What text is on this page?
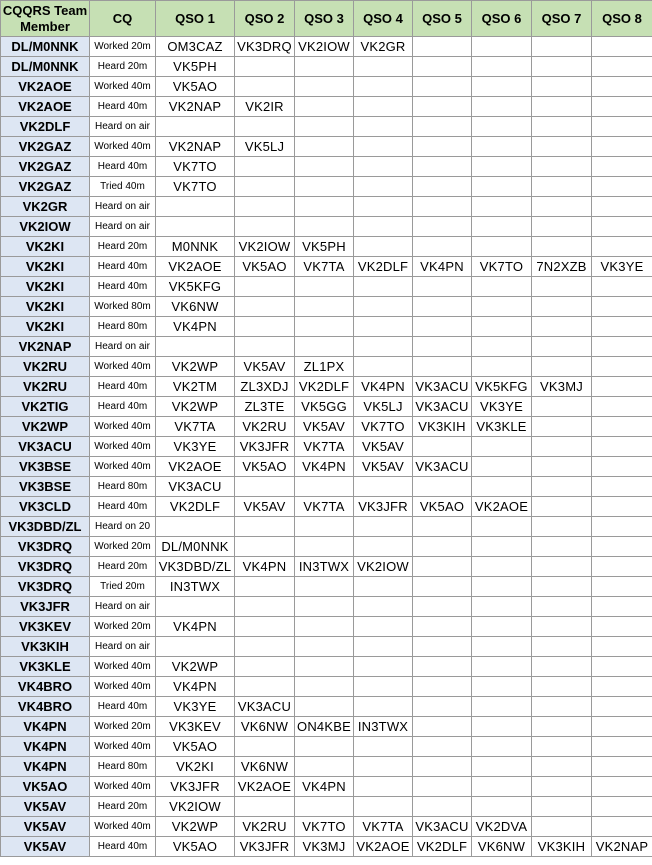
CQQRS Team Member	CQ	QSO 1	QSO 2	QSO 3	QSO 4	QSO 5	QSO 6	QSO 7	QSO 8
DL/M0NNK	Worked 20m	OM3CAZ	VK3DRQ	VK2IOW	VK2GR				
DL/M0NNK	Heard 20m	VK5PH							
VK2AOE	Worked 40m	VK5AO							
VK2AOE	Heard 40m	VK2NAP	VK2IR						
VK2DLF	Heard on air								
VK2GAZ	Worked 40m	VK2NAP	VK5LJ						
VK2GAZ	Heard 40m	VK7TO							
VK2GAZ	Tried 40m	VK7TO							
VK2GR	Heard on air								
VK2IOW	Heard on air								
VK2KI	Heard 20m	M0NNK	VK2IOW	VK5PH					
VK2KI	Heard 40m	VK2AOE	VK5AO	VK7TA	VK2DLF	VK4PN	VK7TO	7N2XZB	VK3YE
VK2KI	Heard 40m	VK5KFG							
VK2KI	Worked 80m	VK6NW							
VK2KI	Heard 80m	VK4PN							
VK2NAP	Heard on air								
VK2RU	Worked 40m	VK2WP	VK5AV	ZL1PX					
VK2RU	Heard 40m	VK2TM	ZL3XDJ	VK2DLF	VK4PN	VK3ACU	VK5KFG	VK3MJ	
VK2TIG	Heard 40m	VK2WP	ZL3TE	VK5GG	VK5LJ	VK3ACU	VK3YE		
VK2WP	Worked 40m	VK7TA	VK2RU	VK5AV	VK7TO	VK3KIH	VK3KLE		
VK3ACU	Worked 40m	VK3YE	VK3JFR	VK7TA	VK5AV				
VK3BSE	Worked 40m	VK2AOE	VK5AO	VK4PN	VK5AV	VK3ACU			
VK3BSE	Heard 80m	VK3ACU							
VK3CLD	Heard 40m	VK2DLF	VK5AV	VK7TA	VK3JFR	VK5AO	VK2AOE		
VK3DBD/ZL	Heard on 20								
VK3DRQ	Worked 20m	DL/M0NNK							
VK3DRQ	Heard 20m	VK3DBD/ZL	VK4PN	IN3TWX	VK2IOW				
VK3DRQ	Tried 20m	IN3TWX							
VK3JFR	Heard on air								
VK3KEV	Worked 20m	VK4PN							
VK3KIH	Heard on air								
VK3KLE	Worked 40m	VK2WP							
VK4BRO	Worked 40m	VK4PN							
VK4BRO	Heard 40m	VK3YE	VK3ACU						
VK4PN	Worked 20m	VK3KEV	VK6NW	ON4KBE	IN3TWX				
VK4PN	Worked 40m	VK5AO							
VK4PN	Heard 80m	VK2KI	VK6NW						
VK5AO	Worked 40m	VK3JFR	VK2AOE	VK4PN					
VK5AV	Heard 20m	VK2IOW							
VK5AV	Worked 40m	VK2WP	VK2RU	VK7TO	VK7TA	VK3ACU	VK2DVA		
VK5AV	Heard 40m	VK5AO	VK3JFR	VK3MJ	VK2AOE	VK2DLF	VK6NW	VK3KIH	VK2NAP
